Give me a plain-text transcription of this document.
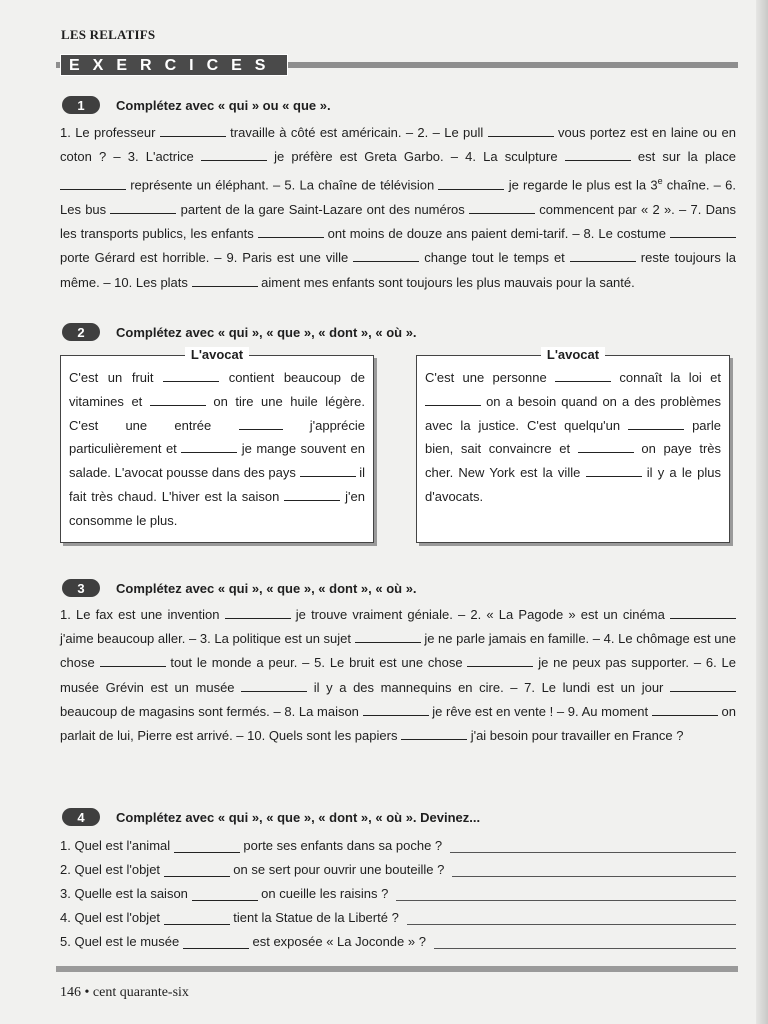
LES RELATIFS
EXERCICES
1	Complétez avec « qui » ou « que ».
1. Le professeur	travaille à côté est américain. – 2. – Le pull	vous portez est en laine ou en coton ? – 3. L'actrice	je préfère est Greta Garbo. – 4. La sculpture	est sur la place  représente un éléphant. – 5. La chaîne de télévision	je regarde le plus est la 3e chaîne. – 6. Les bus	partent de la gare Saint-Lazare ont des numéros	commencent par « 2 ». – 7. Dans les transports publics, les enfants	ont moins de douze ans paient demi-tarif. – 8. Le costume  porte Gérard est horrible. – 9. Paris est une ville	change tout le temps et	reste toujours la même. – 10. Les plats	aiment mes enfants sont toujours les plus mauvais pour la santé.
2	Complétez avec « qui », « que », « dont », « où ».
L'avocat
C'est un fruit	contient beaucoup de vitamines et	on tire une huile légère. C'est une entrée	j'apprécie particulièrement et	je mange souvent en salade. L'avocat pousse dans des pays	il fait très chaud. L'hiver est la saison	j'en consomme le plus.
L'avocat
C'est une personne	connaît la loi et  on a besoin quand on a des problèmes avec la justice. C'est quelqu'un	parle bien, sait convaincre et	on paye très cher. New York est la ville	il y a le plus d'avocats.
3	Complétez avec « qui », « que », « dont », « où ».
1. Le fax est une invention	je trouve vraiment géniale. – 2. « La Pagode » est un cinéma  j'aime beaucoup aller. – 3. La politique est un sujet	je ne parle jamais en famille. – 4. Le chômage est une chose	tout le monde a peur. – 5. Le bruit est une chose	je ne peux pas supporter. – 6. Le musée Grévin est un musée	il y a des mannequins en cire. – 7. Le lundi est un jour  beaucoup de magasins sont fermés. – 8. La maison	je rêve est en vente ! – 9. Au moment	on parlait de lui, Pierre est arrivé. – 10. Quels sont les papiers	j'ai besoin pour travailler en France ?
4	Complétez avec « qui », « que », « dont », « où ». Devinez...
1. Quel est l'animal

	porte ses enfants dans sa poche ?
2. Quel est l'objet

	on se sert pour ouvrir une bouteille ?
3. Quelle est la saison

	on cueille les raisins ?
4. Quel est l'objet

	tient la Statue de la Liberté ?
5. Quel est le musée

	est exposée « La Joconde » ?
146 • cent quarante-six
